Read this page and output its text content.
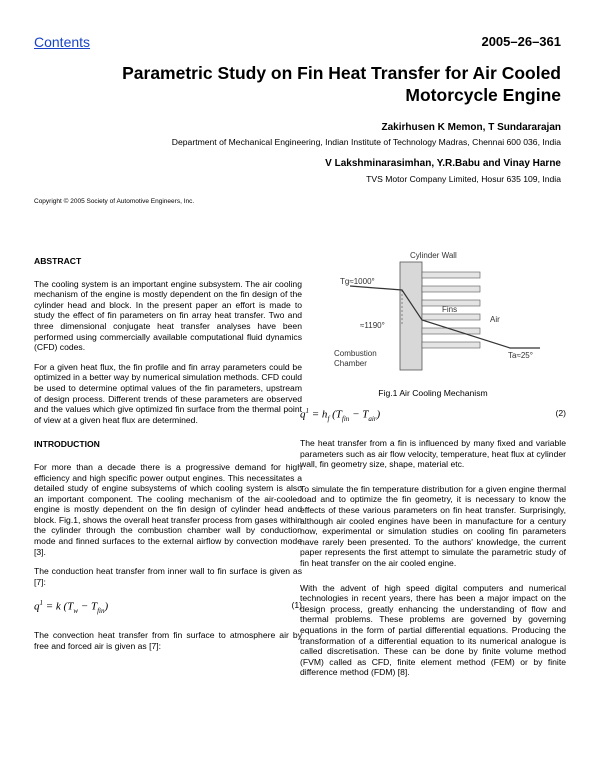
Contents	2005–26–361
Parametric Study on Fin Heat Transfer for Air Cooled Motorcycle Engine
Zakirhusen K Memon, T Sundararajan
Department of Mechanical Engineering, Indian Institute of Technology Madras, Chennai 600 036, India
V Lakshminarasimhan, Y.R.Babu and Vinay Harne
TVS Motor Company Limited, Hosur 635 109, India
Copyright © 2005 Society of Automotive Engineers, Inc.
ABSTRACT

The cooling system is an important engine subsystem. The air cooling mechanism of the engine is mostly dependent on the fin design of the cylinder head and block. In the present paper an effort is made to study the effect of fin parameters on fin array heat transfer. Two and three dimensional conjugate heat transfer analyses have been performed using commercially available computational fluid dynamics (CFD) codes.

For a given heat flux, the fin profile and fin array parameters could be optimized in a better way by numerical simulation methods. CFD could be used to determine optimal values of the fin parameters, upstream of design process. Different trends of these parameters are observed and the values which give optimized fin surface from the thermal point of view at a given heat flux are determined.

INTRODUCTION

For more than a decade there is a progressive demand for high efficiency and high specific power output engines. This necessitates a detailed study of engine subsystems of which cooling system is also an important component. The cooling mechanism of the air-cooled engine is mostly dependent on the fin design of cylinder head and block. Fig.1, shows the overall heat transfer process from gases within the cylinder through the combustion chamber wall by conduction mode and finned surfaces to the external airflow by convection mode [3].

The conduction heat transfer from inner wall to fin surface is given as [7]:

$q^1 = k$ $(T_w - T_{fin})$	(1)

The convection heat transfer from fin surface to atmosphere air by free and forced air is given as [7]:

Cylinder Wall
Tg≈1000°
Fins
Air
≈1190°
Ta≈25°
Combustion
Chamber
Fig.1 Air Cooling Mechanism
$q^1 = h_f$ $(T_{fin} - T_{air})$	(2)

The heat transfer from a fin is influenced by many fixed and variable parameters such as air flow velocity, temperature, heat flux at cylinder wall, fin geometry size, shape, material etc.

To simulate the fin temperature distribution for a given engine thermal load and to optimize the fin geometry, it is necessary to know the effects of these various parameters on fin heat transfer. Surprisingly, although air cooled engines have been in manufacture for a century now, experimental or simulation studies on cooling fin parameters have rarely been presented. To the authors' knowledge, the current paper represents the first attempt to simulate the parametric study of fin heat transfer on the air cooled engine.

With the advent of high speed digital computers and numerical technologies in recent years, there has been a major impact on the design process, greatly enhancing the understanding of flow and thermal problems. These problems are governed by governing equations in the form of partial differential equations. Producing the transformation of a differential equation to its numerical analogue is called discretisation. These can be done by finite volume method (FVM) called as CFD, finite element method (FEM) or by finite difference method (FDM) [8].
